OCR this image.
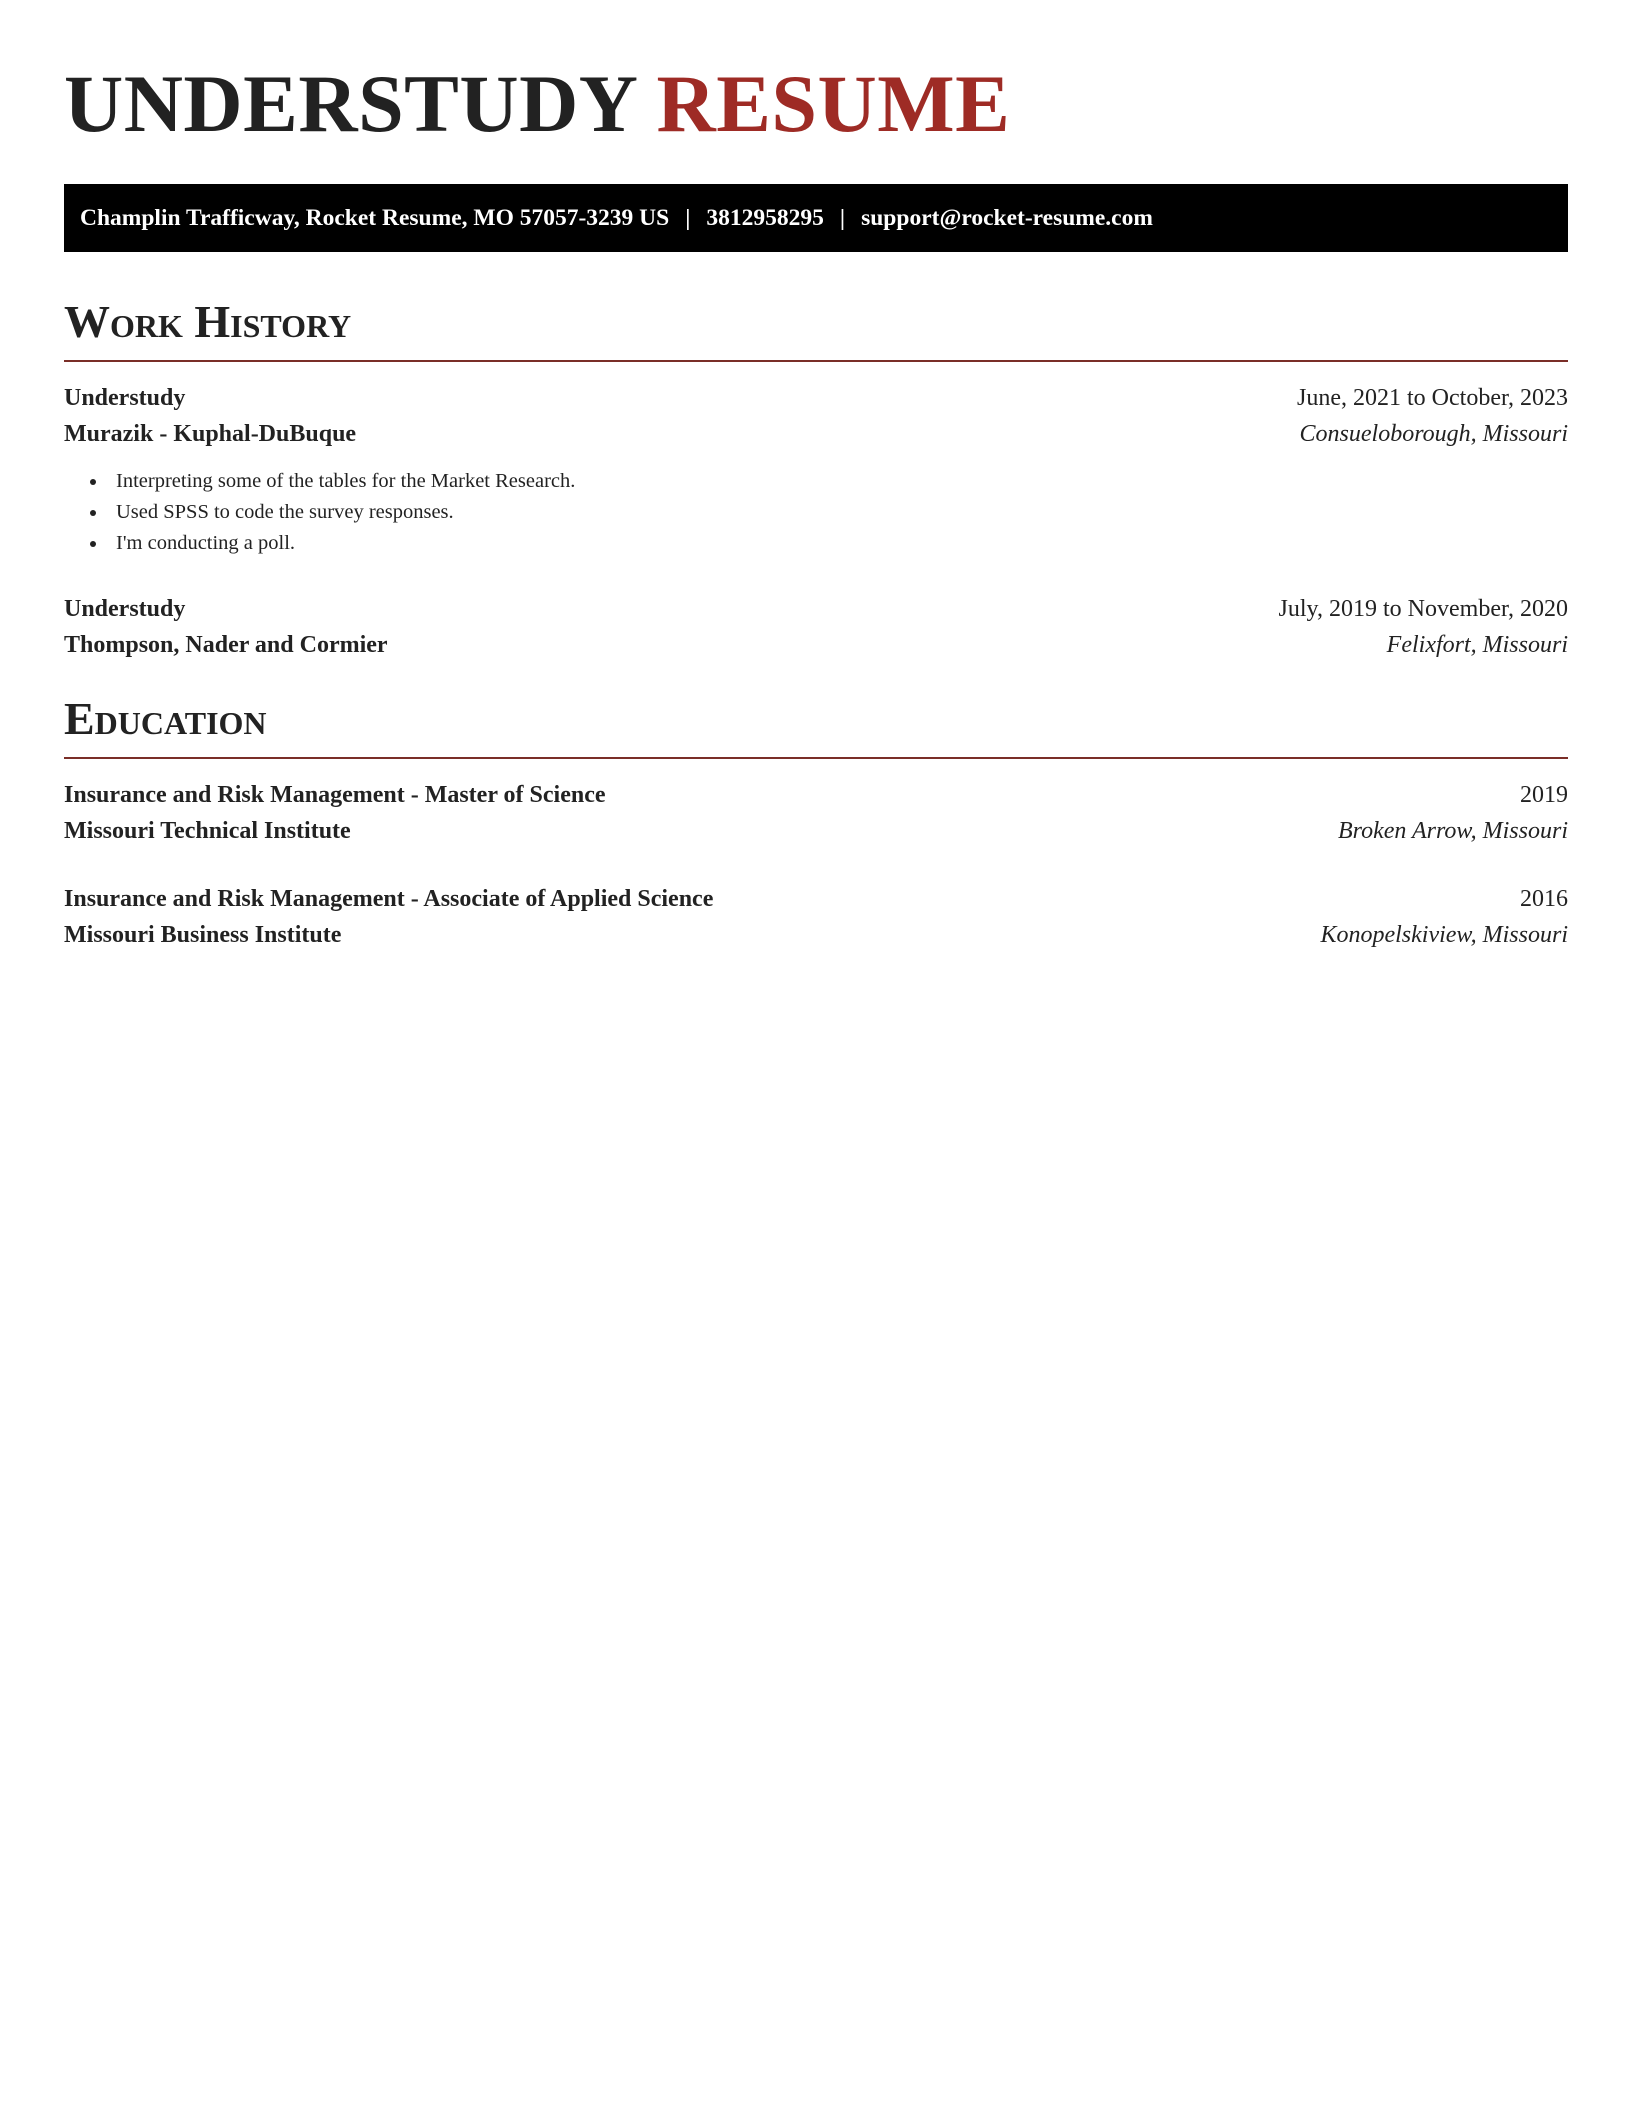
UNDERSTUDY RESUME
Champlin Trafficway, Rocket Resume, MO 57057-3239 US | 3812958295 | support@rocket-resume.com
Work History
Understudy	June, 2021 to October, 2023
Murazik - Kuphal-DuBuque	Consueloborough, Missouri
• Interpreting some of the tables for the Market Research.
• Used SPSS to code the survey responses.
• I'm conducting a poll.
Understudy	July, 2019 to November, 2020
Thompson, Nader and Cormier	Felixfort, Missouri
Education
Insurance and Risk Management - Master of Science	2019
Missouri Technical Institute	Broken Arrow, Missouri
Insurance and Risk Management - Associate of Applied Science	2016
Missouri Business Institute	Konopelskiview, Missouri
